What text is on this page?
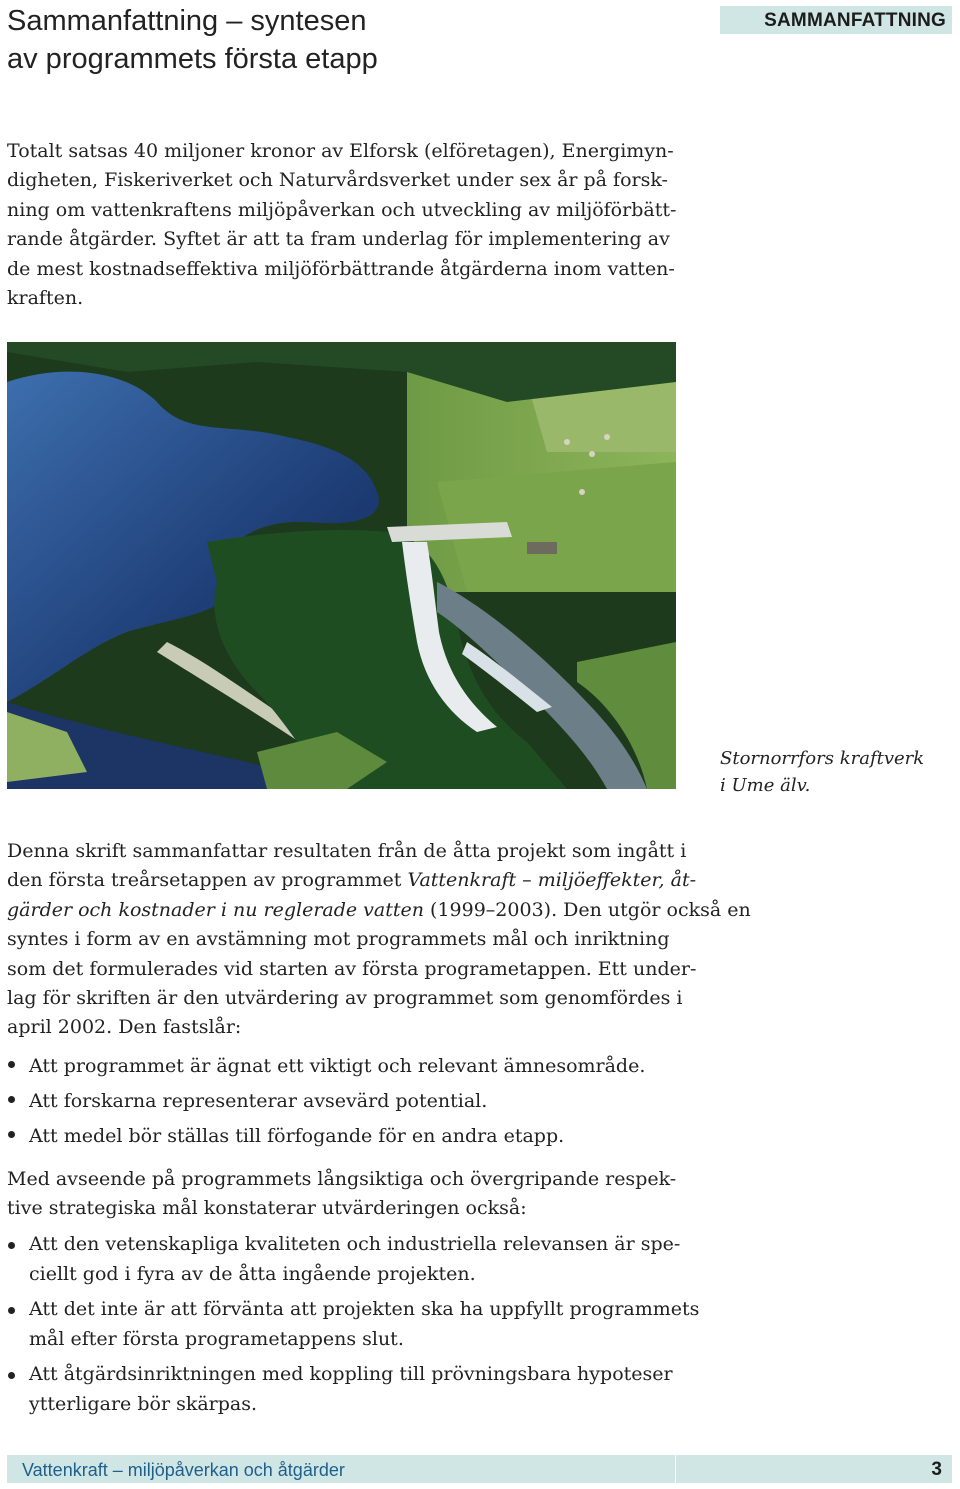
Sammanfattning – syntesen
av programmets första etapp
SAMMANFATTNING

Totalt satsas 40 miljoner kronor av Elforsk (elföretagen), Energimyn-
digheten, Fiskeriverket och Naturvårdsverket under sex år på forsk-
ning om vattenkraftens miljöpåverkan och utveckling av miljöförbätt-
rande åtgärder. Syftet är att ta fram underlag för implementering av
de mest kostnadseffektiva miljöförbättrande åtgärderna inom vatten-
kraften.

Stornorrfors kraftverk
i Ume älv.

Denna skrift sammanfattar resultaten från de åtta projekt som ingått i
den första treårsetappen av programmet Vattenkraft – miljöeffekter, åt-
gärder och kostnader i nu reglerade vatten (1999–2003). Den utgör också en
syntes i form av en avstämning mot programmets mål och inriktning
som det formulerades vid starten av första programetappen. Ett under-
lag för skriften är den utvärdering av programmet som genomfördes i
april 2002. Den fastslår:

Att programmet är ägnat ett viktigt och relevant ämnesområde.
Att forskarna representerar avsevärd potential.
Att medel bör ställas till förfogande för en andra etapp.

Med avseende på programmets långsiktiga och övergripande respek-
tive strategiska mål konstaterar utvärderingen också:

Att den vetenskapliga kvaliteten och industriella relevansen är spe-
ciellt god i fyra av de åtta ingående projekten.
Att det inte är att förvänta att projekten ska ha uppfyllt programmets
mål efter första programetappens slut.
Att åtgärdsinriktningen med koppling till prövningsbara hypoteser
ytterligare bör skärpas.
Vattenkraft – miljöpåverkan och åtgärder	3
